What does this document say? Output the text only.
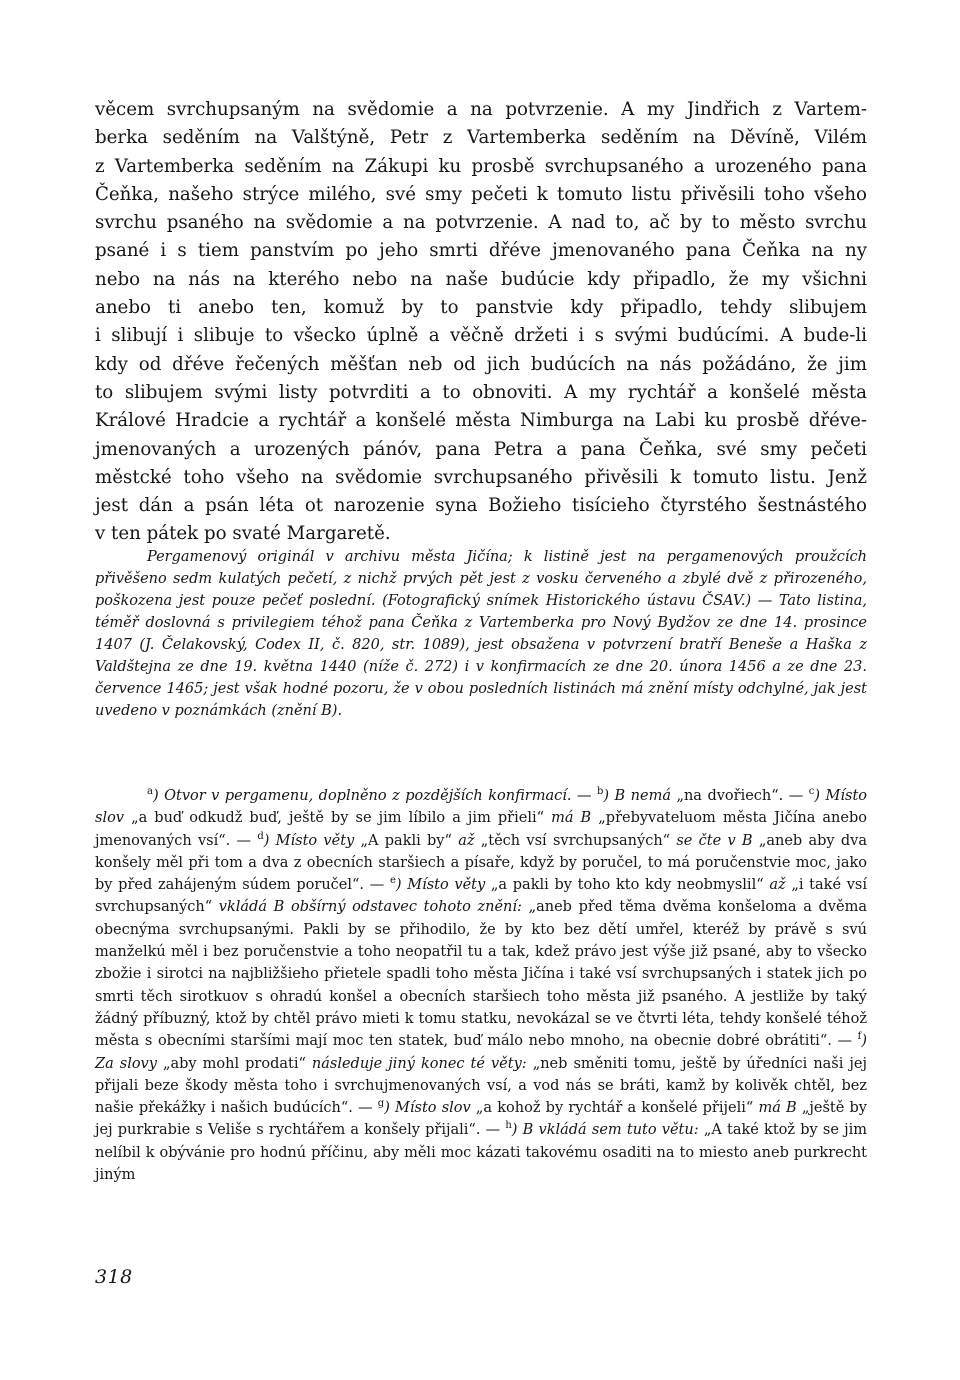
věcem svrchupsaným na svědomie a na potvrzenie. A my Jindřich z Vartem-
berka seděním na Valštýně, Petr z Vartemberka seděním na Děvíně, Vilém
z Vartemberka seděním na Zákupi ku prosbě svrchupsaného a urozeného pana
Čeňka, našeho strýce milého, své smy pečeti k tomuto listu přivěsili toho všeho
svrchu psaného na svědomie a na potvrzenie. A nad to, ač by to město svrchu
psané i s tiem panstvím po jeho smrti dřéve jmenovaného pana Čeňka na ny
nebo na nás na kterého nebo na naše budúcie kdy připadlo, že my všichni
anebo ti anebo ten, komuž by to panstvie kdy připadlo, tehdy slibujem
i slibují i slibuje to všecko úplně a věčně držeti i s svými budúcími. A bude-li
kdy od dřéve řečených měšťan neb od jich budúcích na nás požádáno, že jim
to slibujem svými listy potvrditi a to obnoviti. A my rychtář a konšelé města
Králové Hradcie a rychtář a konšelé města Nimburga na Labi ku prosbě dřéve-
jmenovaných a urozených pánóv, pana Petra a pana Čeňka, své smy pečeti
městcké toho všeho na svědomie svrchupsaného přivěsili k tomuto listu. Jenž
jest dán a psán léta ot narozenie syna Božieho tisícieho čtyrstého šestnástého
v ten pátek po svaté Margaretě.
Pergamenový originál v archivu města Jičína; k listině jest na pergamenových proužcích přivěšeno sedm kulatých pečetí, z nichž prvých pět jest z vosku červeného a zbylé dvě z přirozeného, poškozena jest pouze pečeť poslední. (Fotografický snímek Historického ústavu ČSAV.) — Tato listina, téměř doslovná s privilegiem téhož pana Čeňka z Vartemberka pro Nový Bydžov ze dne 14. prosince 1407 (J. Čelakovský, Codex II, č. 820, str. 1089), jest obsažena v potvrzení bratří Beneše a Haška z Valdštejna ze dne 19. května 1440 (níže č. 272) i v konfirmacích ze dne 20. února 1456 a ze dne 23. července 1465; jest však hodné pozoru, že v obou posledních listinách má znění místy odchylné, jak jest uvedeno v poznámkách (znění B).
$^a$) Otvor v pergamenu, doplněno z pozdějších konfirmací. — $^b$) B nemá „na dvořiech“. — $^c$) Místo slov „a buď odkudž buď, ještě by se jim líbilo a jim přieli“ má B „přebyvateluom města Jičína anebo jmenovaných vsí“. — $^d$) Místo věty „A pakli by“ až „těch vsí svrchupsaných“ se čte v B „aneb aby dva konšely měl při tom a dva z obecních staršiech a písaře, když by poručel, to má poručenstvie moc, jako by před zahájeným súdem poručel“. — $^e$) Místo věty „a pakli by toho kto kdy neobmyslil“ až „i také vsí svrchupsaných“ vkládá B obšírný odstavec tohoto znění: „aneb před těma dvěma konšeloma a dvěma obecnýma svrchupsanými. Pakli by se přihodilo, že by kto bez dětí umřel, kteréž by právě s svú manželkú měl i bez poručenstvie a toho neopatřil tu a tak, kdež právo jest výše již psané, aby to všecko zbožie i sirotci na najbližšieho přietele spadli toho města Jičína i také vsí svrchupsaných i statek jich po smrti těch sirotkuov s ohradú konšel a obecních staršiech toho města již psaného. A jestliže by taký žádný příbuzný, ktož by chtěl právo mieti k tomu statku, nevokázal se ve čtvrti léta, tehdy konšelé téhož města s obecními staršími mají moc ten statek, buď málo nebo mnoho, na obecnie dobré obrátiti“. — $^f$) Za slovy „aby mohl prodati“ následuje jiný konec té věty: „neb směniti tomu, ještě by úředníci naši jej přijali beze škody města toho i svrchujmenovaných vsí, a vod nás se bráti, kamž by kolivěk chtěl, bez našie překážky i našich budúcích“. — $^g$) Místo slov „a kohož by rychtář a konšelé přijeli“ má B „ještě by jej purkrabie s Veliše s rychtářem a konšely přijali“. — $^h$) B vkládá sem tuto větu: „A také ktož by se jim nelíbil k obývánie pro hodnú příčinu, aby měli moc kázati takovému osaditi na to miesto aneb purkrecht jiným
318
